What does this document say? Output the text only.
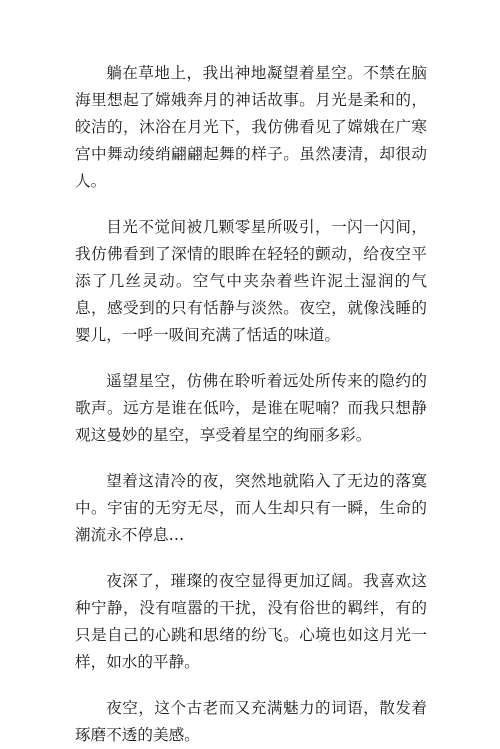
躺在草地上，我出神地凝望着星空。不禁在脑海里想起了嫦娥奔月的神话故事。月光是柔和的，皎洁的，沐浴在月光下，我仿佛看见了嫦娥在广寒宫中舞动绫绡翩翩起舞的样子。虽然凄清，却很动人。

目光不觉间被几颗零星所吸引，一闪一闪间，我仿佛看到了深情的眼眸在轻轻的颤动，给夜空平添了几丝灵动。空气中夹杂着些许泥土湿润的气息，感受到的只有恬静与淡然。夜空，就像浅睡的婴儿，一呼一吸间充满了恬适的味道。

遥望星空，仿佛在聆听着远处所传来的隐约的歌声。远方是谁在低吟，是谁在呢喃？而我只想静观这曼妙的星空，享受着星空的绚丽多彩。

望着这清冷的夜，突然地就陷入了无边的落寞中。宇宙的无穷无尽，而人生却只有一瞬，生命的潮流永不停息…

夜深了，璀璨的夜空显得更加辽阔。我喜欢这种宁静，没有喧嚣的干扰，没有俗世的羁绊，有的只是自己的心跳和思绪的纷飞。心境也如这月光一样，如水的平静。

夜空，这个古老而又充满魅力的词语，散发着琢磨不透的美感。
